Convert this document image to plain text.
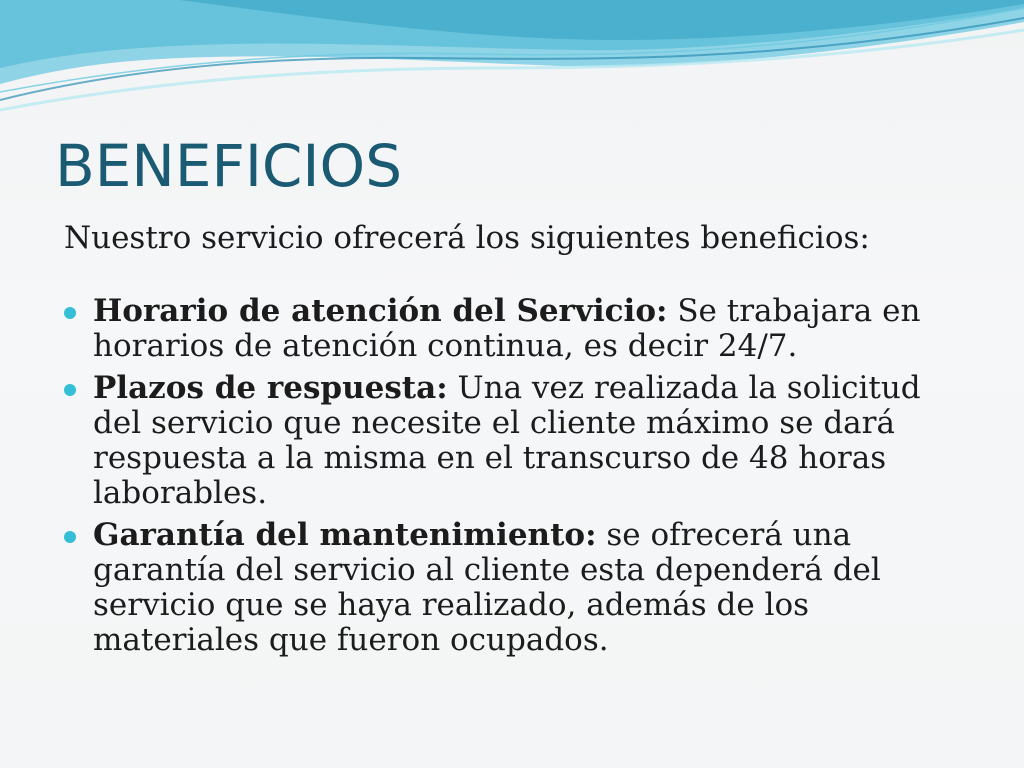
BENEFICIOS

Nuestro servicio ofrecerá los siguientes beneficios:

Horario de atención del Servicio: Se trabajara en horarios de atención continua, es decir 24/7.
Plazos de respuesta: Una vez realizada la solicitud del servicio que necesite el cliente máximo se dará respuesta a la misma en el transcurso de 48 horas laborables.
Garantía del mantenimiento: se ofrecerá una garantía del servicio al cliente esta dependerá del servicio que se haya realizado, además de los materiales que fueron ocupados.
